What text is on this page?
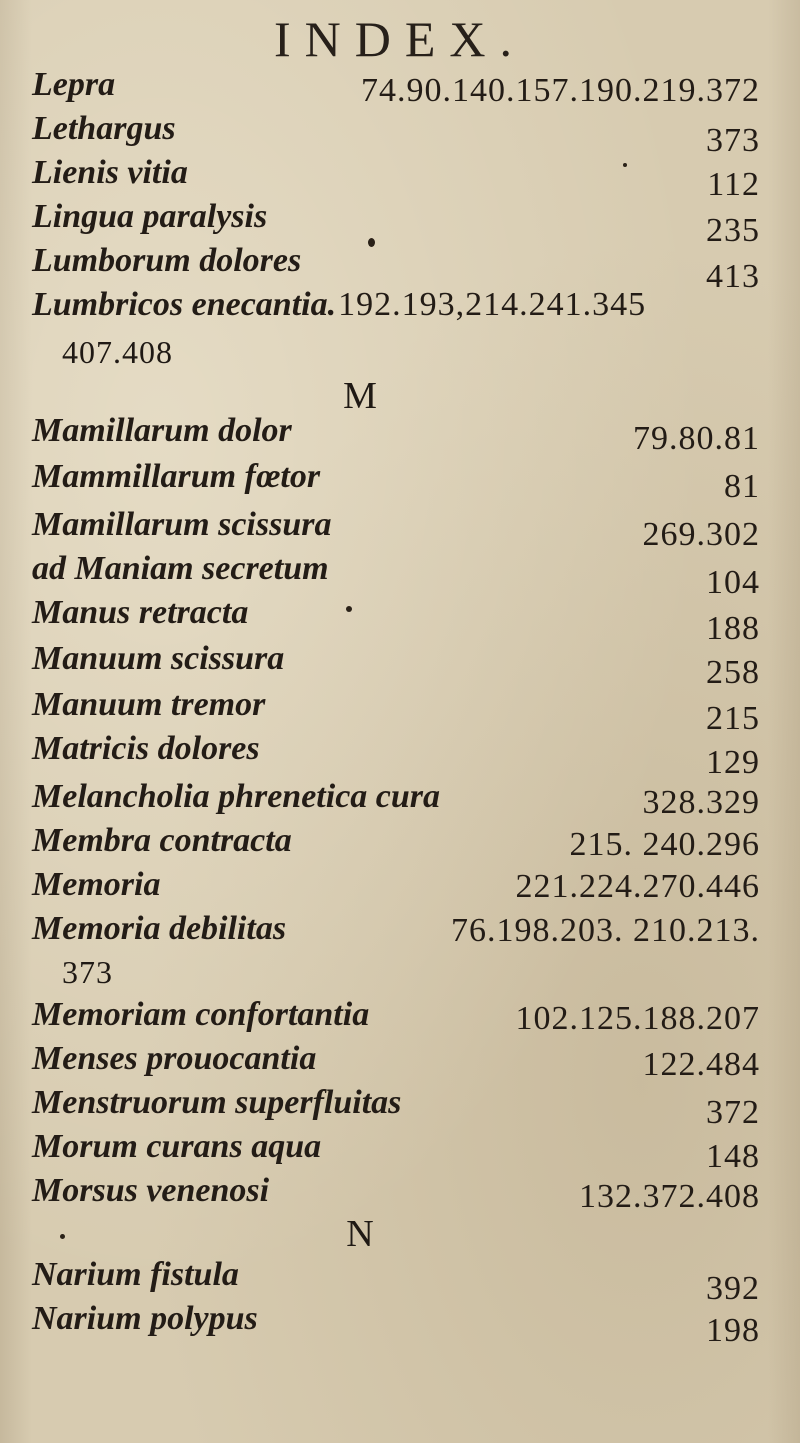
INDEX.
Lepra	74.90.140.157.190.219.372
Lethargus	373
Lienis vitia	112
Lingua paralysis	235
Lumborum dolores	413
Lumbricos enecantia.192.193,214.241.345
407.408
M
Mamillarum dolor	79.80.81
Mammillarum fœtor	81
Mamillarum scissura	269.302
ad Maniam secretum	104
Manus retracta	188
Manuum scissura	258
Manuum tremor	215
Matricis dolores	129
Melancholia phrenetica cura	328.329
Membra contracta	215. 240.296
Memoria	221.224.270.446
Memoria debilitas	76.198.203. 210.213.
373
Memoriam confortantia	102.125.188.207
Menses prouocantia	122.484
Menstruorum superfluitas	372
Morum curans aqua	148
Morsus venenosi	132.372.408
N
Narium fistula	392
Narium polypus	198
